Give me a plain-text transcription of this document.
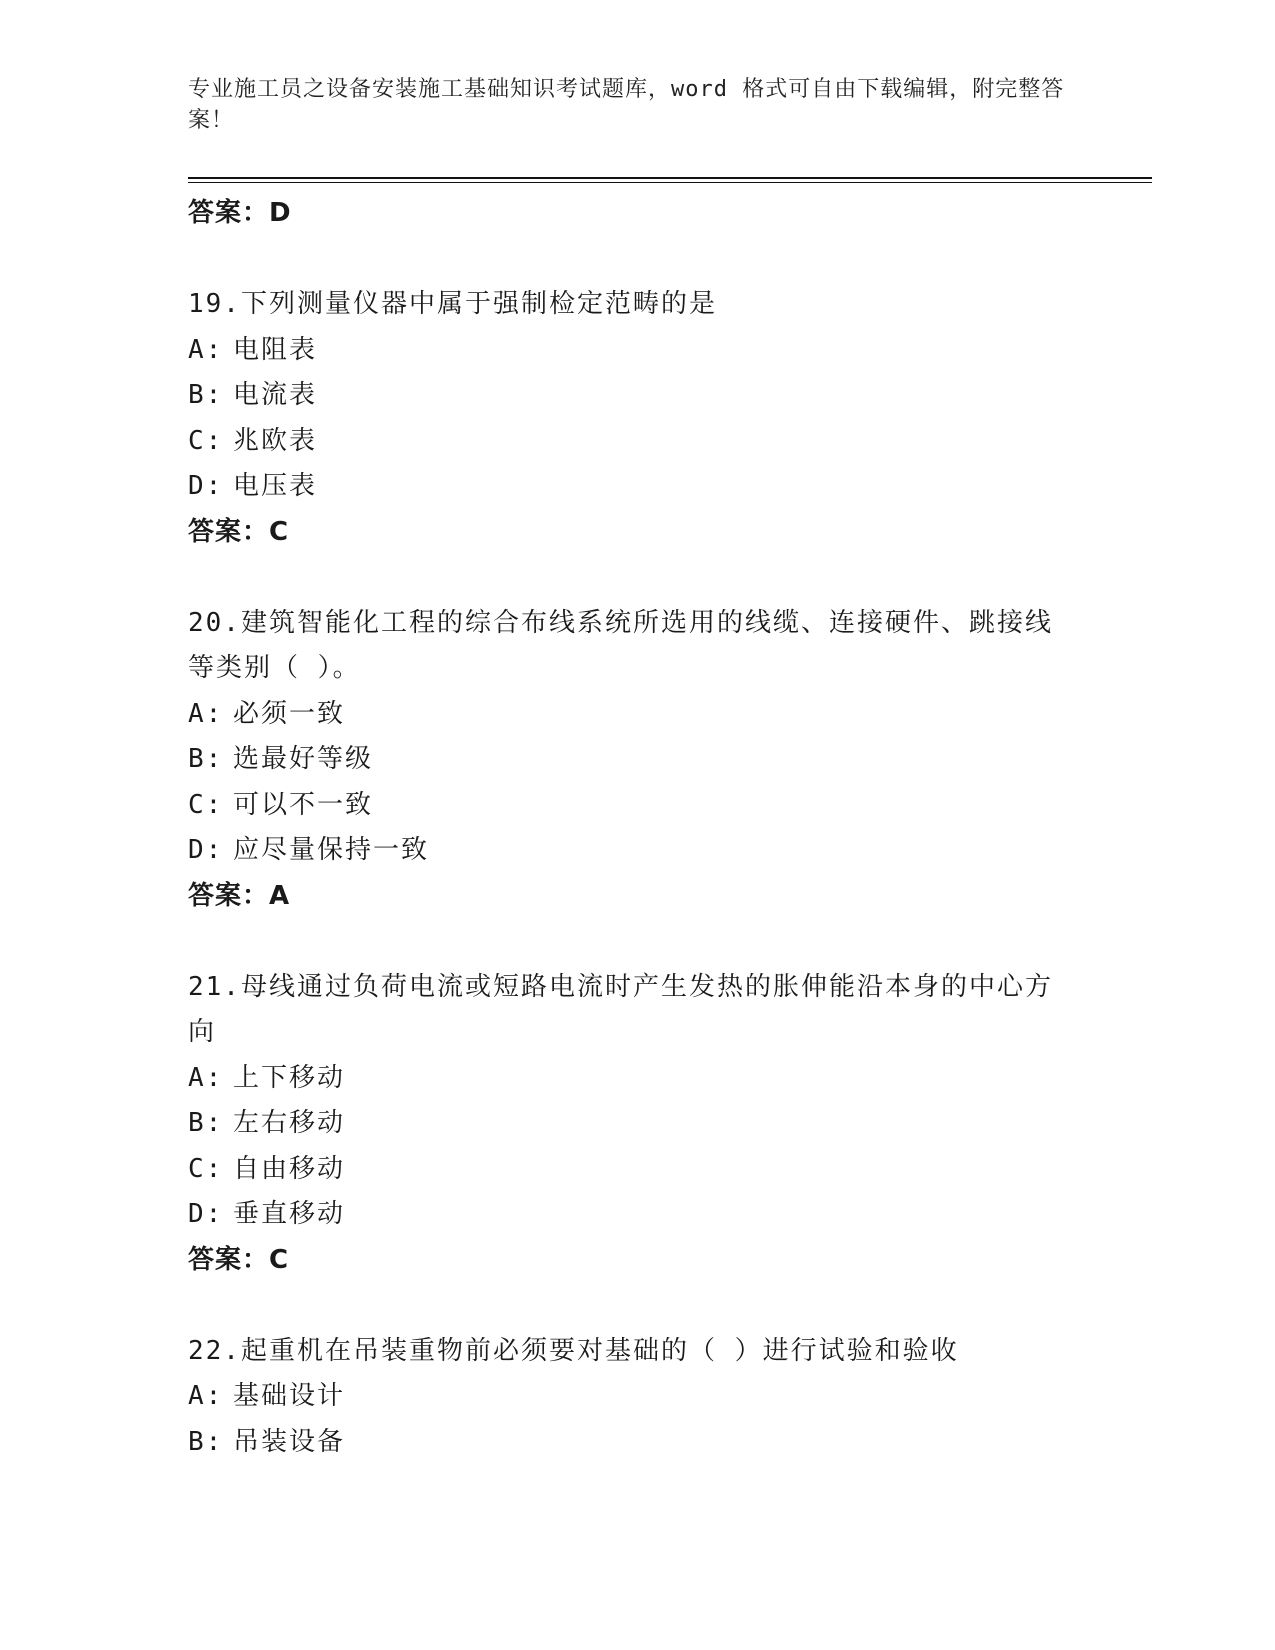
专业施工员之设备安装施工基础知识考试题库，word 格式可自由下载编辑，附完整答案！
答案：D
19.下列测量仪器中属于强制检定范畴的是
A: 电阻表
B: 电流表
C: 兆欧表
D: 电压表
答案：C
20.建筑智能化工程的综合布线系统所选用的线缆、连接硬件、跳接线等类别（ ）。
A: 必须一致
B: 选最好等级
C: 可以不一致
D: 应尽量保持一致
答案：A
21.母线通过负荷电流或短路电流时产生发热的胀伸能沿本身的中心方向
A: 上下移动
B: 左右移动
C: 自由移动
D: 垂直移动
答案：C
22.起重机在吊装重物前必须要对基础的（ ）进行试验和验收
A: 基础设计
B: 吊装设备
